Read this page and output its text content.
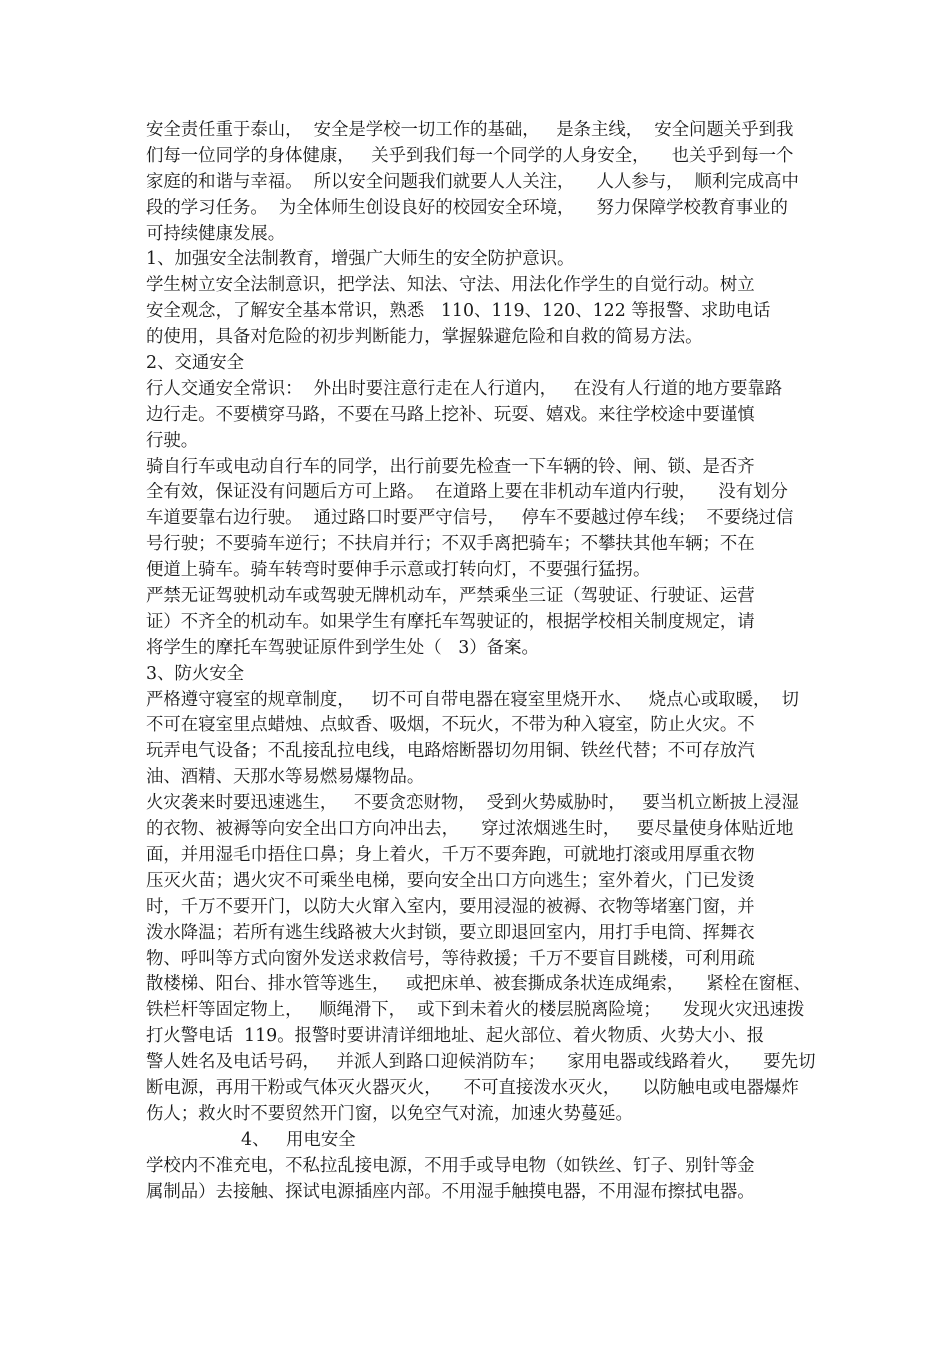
安全责任重于泰山，  安全是学校一切工作的基础，   是条主线，  安全问题关乎到我
们每一位同学的身体健康，   关乎到我们每一个同学的人身安全，    也关乎到每一个
家庭的和谐与幸福。  所以安全问题我们就要人人关注，    人人参与，  顺利完成高中
段的学习任务。  为全体师生创设良好的校园安全环境，    努力保障学校教育事业的
可持续健康发展。
1、加强安全法制教育，增强广大师生的安全防护意识。
学生树立安全法制意识，把学法、知法、守法、用法化作学生的自觉行动。树立
安全观念，了解安全基本常识，熟悉   110、119、120、122 等报警、求助电话
的使用，具备对危险的初步判断能力，掌握躲避危险和自救的简易方法。
2、交通安全
行人交通安全常识：  外出时要注意行走在人行道内，   在没有人行道的地方要靠路
边行走。不要横穿马路，不要在马路上挖补、玩耍、嬉戏。来往学校途中要谨慎
行驶。
骑自行车或电动自行车的同学，出行前要先检查一下车辆的铃、闸、锁、是否齐
全有效，保证没有问题后方可上路。  在道路上要在非机动车道内行驶，    没有划分
车道要靠右边行驶。  通过路口时要严守信号，   停车不要越过停车线；  不要绕过信
号行驶；不要骑车逆行；不扶肩并行；不双手离把骑车；不攀扶其他车辆；不在
便道上骑车。骑车转弯时要伸手示意或打转向灯，不要强行猛拐。
严禁无证驾驶机动车或驾驶无牌机动车，严禁乘坐三证（驾驶证、行驶证、运营
证）不齐全的机动车。如果学生有摩托车驾驶证的，根据学校相关制度规定，请
将学生的摩托车驾驶证原件到学生处（   3）备案。
3、防火安全
严格遵守寝室的规章制度，   切不可自带电器在寝室里烧开水、   烧点心或取暖，  切
不可在寝室里点蜡烛、点蚊香、吸烟，不玩火，不带为种入寝室，防止火灾。不
玩弄电气设备；不乱接乱拉电线，电路熔断器切勿用铜、铁丝代替；不可存放汽
油、酒精、天那水等易燃易爆物品。
火灾袭来时要迅速逃生，   不要贪恋财物，  受到火势威胁时，   要当机立断披上浸湿
的衣物、被褥等向安全出口方向冲出去，    穿过浓烟逃生时，   要尽量使身体贴近地
面，并用湿毛巾捂住口鼻；身上着火，千万不要奔跑，可就地打滚或用厚重衣物
压灭火苗；遇火灾不可乘坐电梯，要向安全出口方向逃生；室外着火，门已发烫
时，千万不要开门，以防大火窜入室内，要用浸湿的被褥、衣物等堵塞门窗，并
泼水降温；若所有逃生线路被大火封锁，要立即退回室内，用打手电筒、挥舞衣
物、呼叫等方式向窗外发送求救信号，等待救援；千万不要盲目跳楼，可利用疏
散楼梯、阳台、排水管等逃生，   或把床单、被套撕成条状连成绳索，    紧栓在窗框、
铁栏杆等固定物上，   顺绳滑下，  或下到未着火的楼层脱离险境；    发现火灾迅速拨
打火警电话  119。报警时要讲清详细地址、起火部位、着火物质、火势大小、报
警人姓名及电话号码，   并派人到路口迎候消防车；    家用电器或线路着火，    要先切
断电源，再用干粉或气体灭火器灭火，    不可直接泼水灭火，    以防触电或电器爆炸
伤人；救火时不要贸然开门窗，以免空气对流，加速火势蔓延。
4、   用电安全
学校内不准充电，不私拉乱接电源，不用手或导电物（如铁丝、钉子、别针等金
属制品）去接触、探试电源插座内部。不用湿手触摸电器，不用湿布擦拭电器。
